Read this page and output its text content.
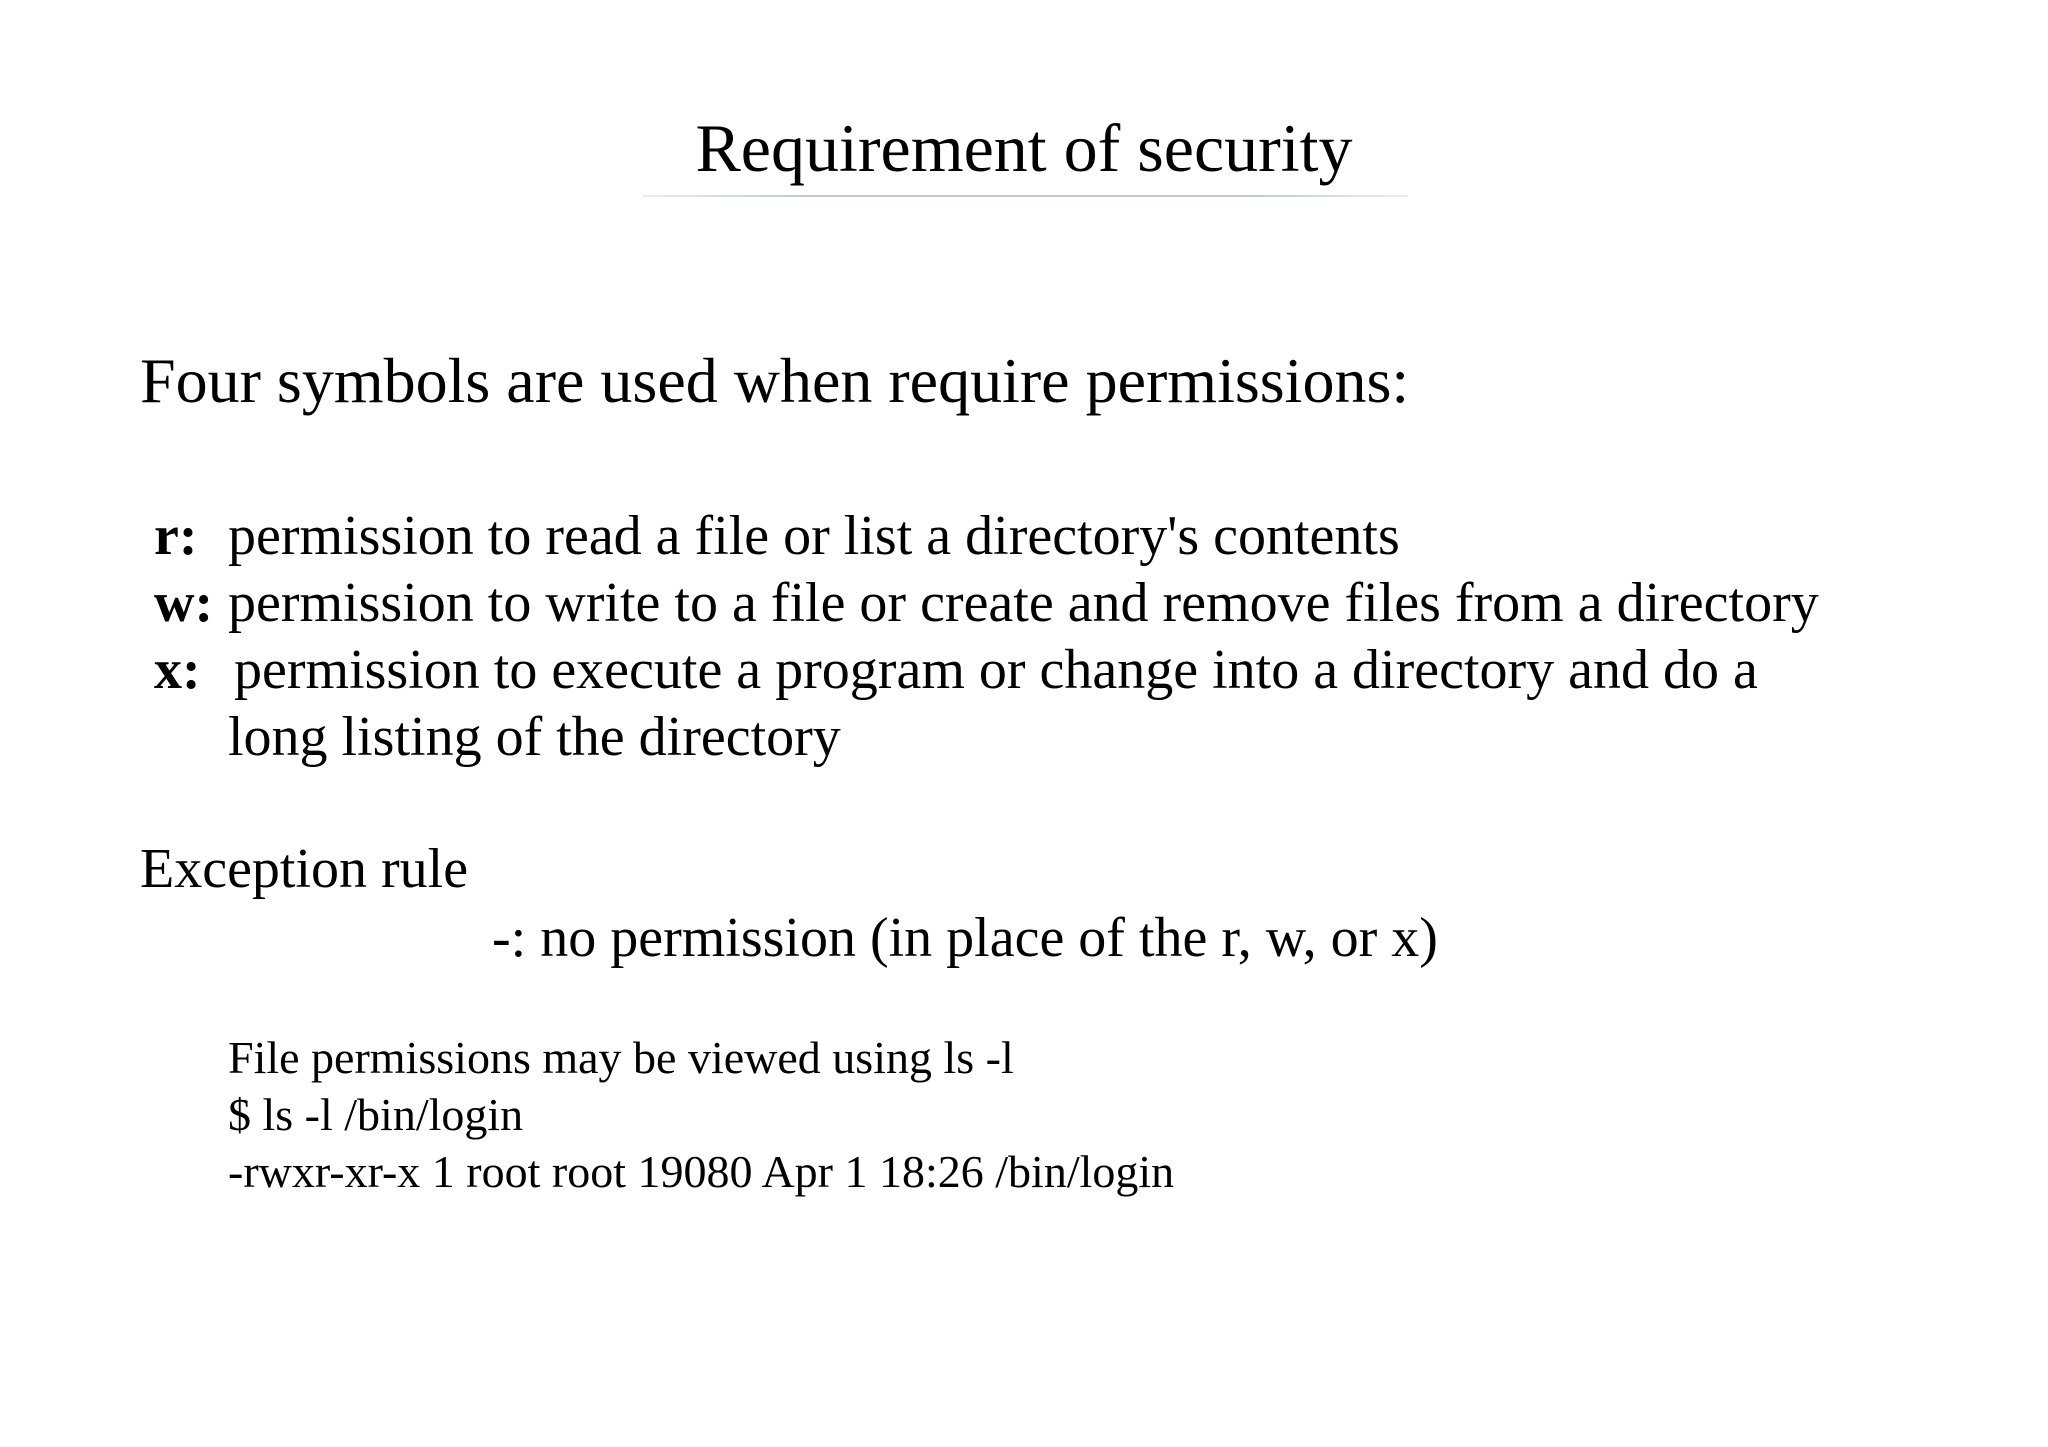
Requirement of security
Four symbols are used when require permissions:
r: permission to read a file or list a directory's contents
w: permission to write to a file or create and remove files from a directory
x: permission to execute a program or change into a directory and do a
long listing of the directory
Exception rule
-: no permission (in place of the r, w, or x)
File permissions may be viewed using ls -l
$ ls -l /bin/login
-rwxr-xr-x 1 root root 19080 Apr 1 18:26 /bin/login
